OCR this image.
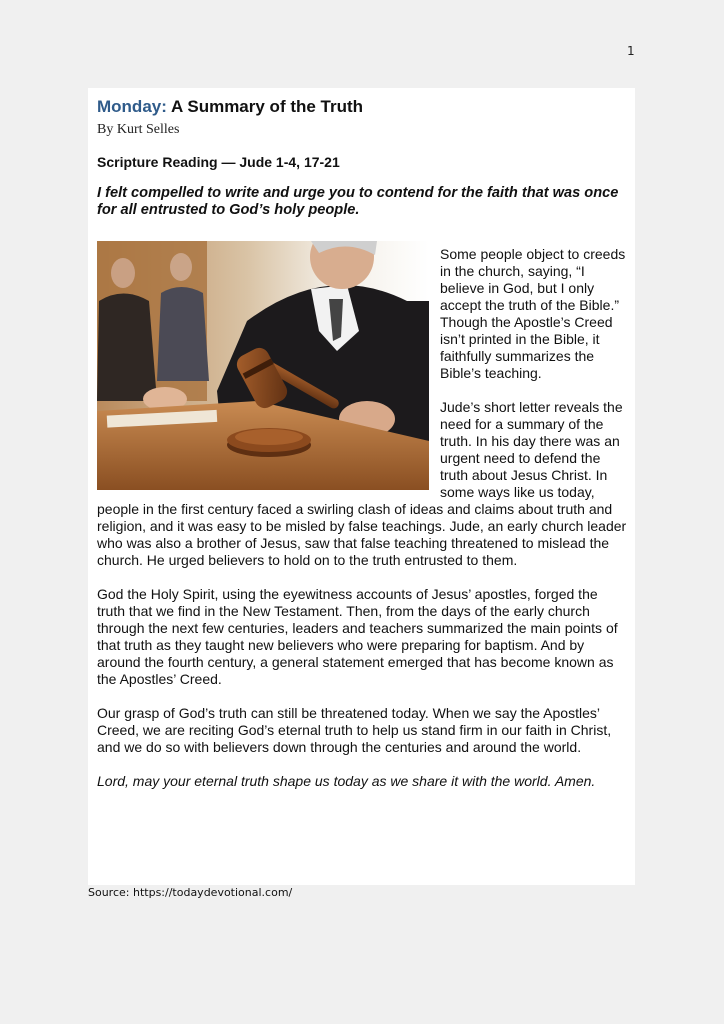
1
Monday: A Summary of the Truth
By Kurt Selles
Scripture Reading — Jude 1-4, 17-21
I felt compelled to write and urge you to contend for the faith that was once for all entrusted to God’s holy people.

Some people object to creeds in the church, saying, “I believe in God, but I only accept the truth of the Bible.” Though the Apostle’s Creed isn’t printed in the Bible, it faithfully summarizes the Bible’s teaching.

Jude’s short letter reveals the need for a summary of the truth. In his day there was an urgent need to defend the truth about Jesus Christ. In some ways like us today, people in the first century faced a swirling clash of ideas and claims about truth and religion, and it was easy to be misled by false teachings. Jude, an early church leader who was also a brother of Jesus, saw that false teaching threatened to mislead the church. He urged believers to hold on to the truth entrusted to them.

God the Holy Spirit, using the eyewitness accounts of Jesus’ apostles, forged the truth that we find in the New Testament. Then, from the days of the early church through the next few centuries, leaders and teachers summarized the main points of that truth as they taught new believers who were preparing for baptism. And by around the fourth century, a general statement emerged that has become known as the Apostles’ Creed.

Our grasp of God’s truth can still be threatened today. When we say the Apostles’ Creed, we are reciting God’s eternal truth to help us stand firm in our faith in Christ, and we do so with believers down through the centuries and around the world.

Lord, may your eternal truth shape us today as we share it with the world. Amen.

Source: https://todaydevotional.com/
